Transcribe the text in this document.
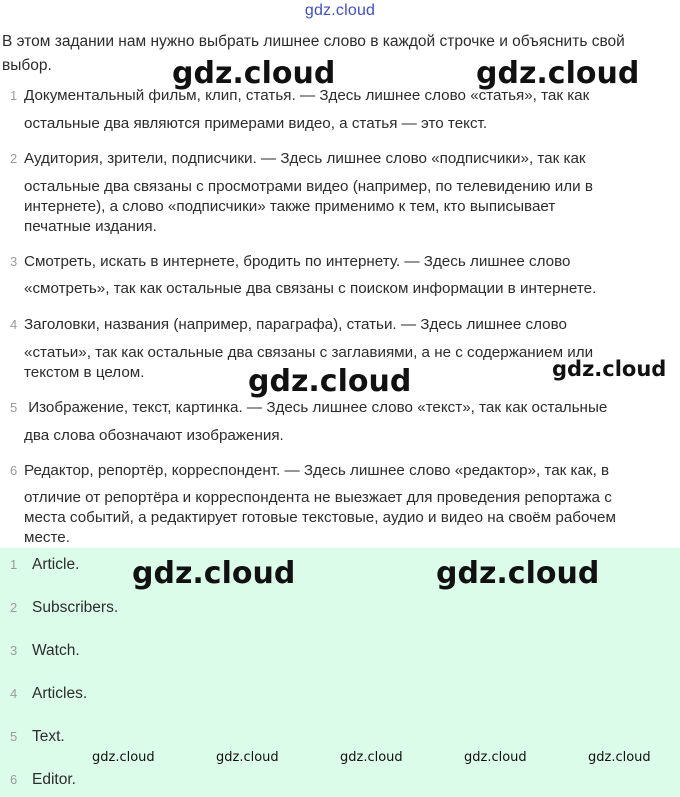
gdz.cloud
В этом задании нам нужно выбрать лишнее слово в каждой строчке и объяснить свой выбор.
1 Документальный фильм, клип, статья. — Здесь лишнее слово «статья», так как
остальные два являются примерами видео, а статья — это текст.
2 Аудитория, зрители, подписчики. — Здесь лишнее слово «подписчики», так как
остальные два связаны с просмотрами видео (например, по телевидению или в
интернете), а слово «подписчики» также применимо к тем, кто выписывает
печатные издания.
3 Смотреть, искать в интернете, бродить по интернету. — Здесь лишнее слово
«смотреть», так как остальные два связаны с поиском информации в интернете.
4 Заголовки, названия (например, параграфа), статьи. — Здесь лишнее слово
«статьи», так как остальные два связаны с заглавиями, а не с содержанием или
текстом в целом.
5 Изображение, текст, картинка. — Здесь лишнее слово «текст», так как остальные
два слова обозначают изображения.
6 Редактор, репортёр, корреспондент. — Здесь лишнее слово «редактор», так как, в
отличие от репортёра и корреспондента не выезжает для проведения репортажа с
места событий, а редактирует готовые текстовые, аудио и видео на своём рабочем
месте.
1 Article.
2 Subscribers.
3 Watch.
4 Articles.
5 Text.
6 Editor.
gdz.cloud	gdz.cloud
gdz.cloud	gdz.cloud
gdz.cloud	gdz.cloud
gdz.cloud	gdz.cloud	gdz.cloud	gdz.cloud	gdz.cloud
